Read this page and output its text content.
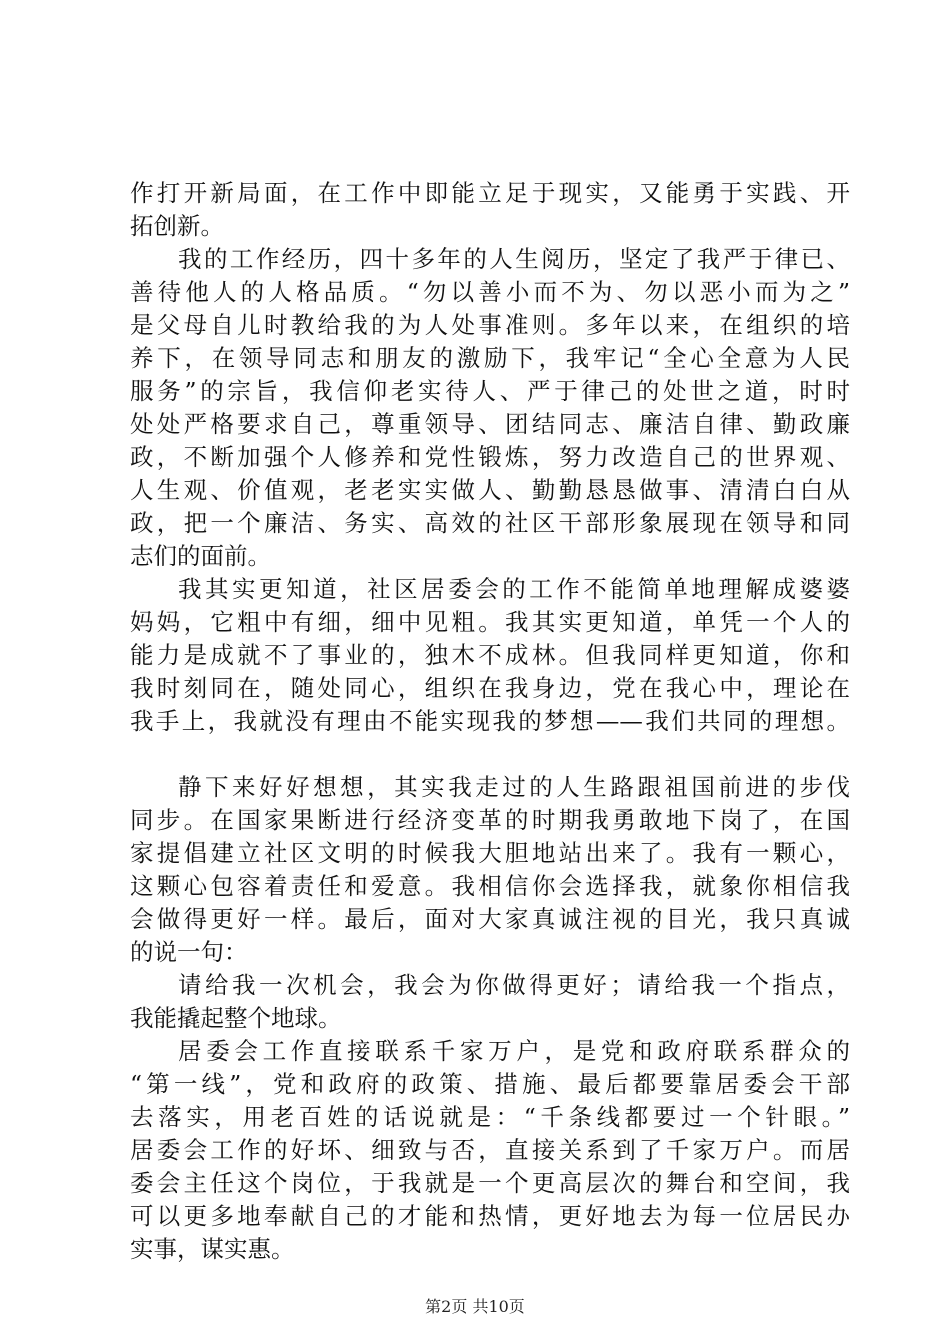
作打开新局面，在工作中即能立足于现实，又能勇于实践、开
拓创新。
我的工作经历，四十多年的人生阅历，坚定了我严于律已、
善待他人的人格品质。“勿以善小而不为、勿以恶小而为之”
是父母自儿时教给我的为人处事准则。多年以来，在组织的培
养下，在领导同志和朋友的激励下，我牢记“全心全意为人民
服务”的宗旨，我信仰老实待人、严于律己的处世之道，时时
处处严格要求自己，尊重领导、团结同志、廉洁自律、勤政廉
政，不断加强个人修养和党性锻炼，努力改造自己的世界观、
人生观、价值观，老老实实做人、勤勤恳恳做事、清清白白从
政，把一个廉洁、务实、高效的社区干部形象展现在领导和同
志们的面前。
我其实更知道，社区居委会的工作不能简单地理解成婆婆
妈妈，它粗中有细，细中见粗。我其实更知道，单凭一个人的
能力是成就不了事业的，独木不成林。但我同样更知道，你和
我时刻同在，随处同心，组织在我身边，党在我心中，理论在
我手上，我就没有理由不能实现我的梦想——我们共同的理想。
静下来好好想想，其实我走过的人生路跟祖国前进的步伐
同步。在国家果断进行经济变革的时期我勇敢地下岗了，在国
家提倡建立社区文明的时候我大胆地站出来了。我有一颗心，
这颗心包容着责任和爱意。我相信你会选择我，就象你相信我
会做得更好一样。最后，面对大家真诚注视的目光，我只真诚
的说一句：
请给我一次机会，我会为你做得更好；请给我一个指点，
我能撬起整个地球。
居委会工作直接联系千家万户，是党和政府联系群众的
“第一线”，党和政府的政策、措施、最后都要靠居委会干部
去落实，用老百姓的话说就是：“千条线都要过一个针眼。”
居委会工作的好坏、细致与否，直接关系到了千家万户。而居
委会主任这个岗位，于我就是一个更高层次的舞台和空间，我
可以更多地奉献自己的才能和热情，更好地去为每一位居民办
实事，谋实惠。
第2页 共10页
